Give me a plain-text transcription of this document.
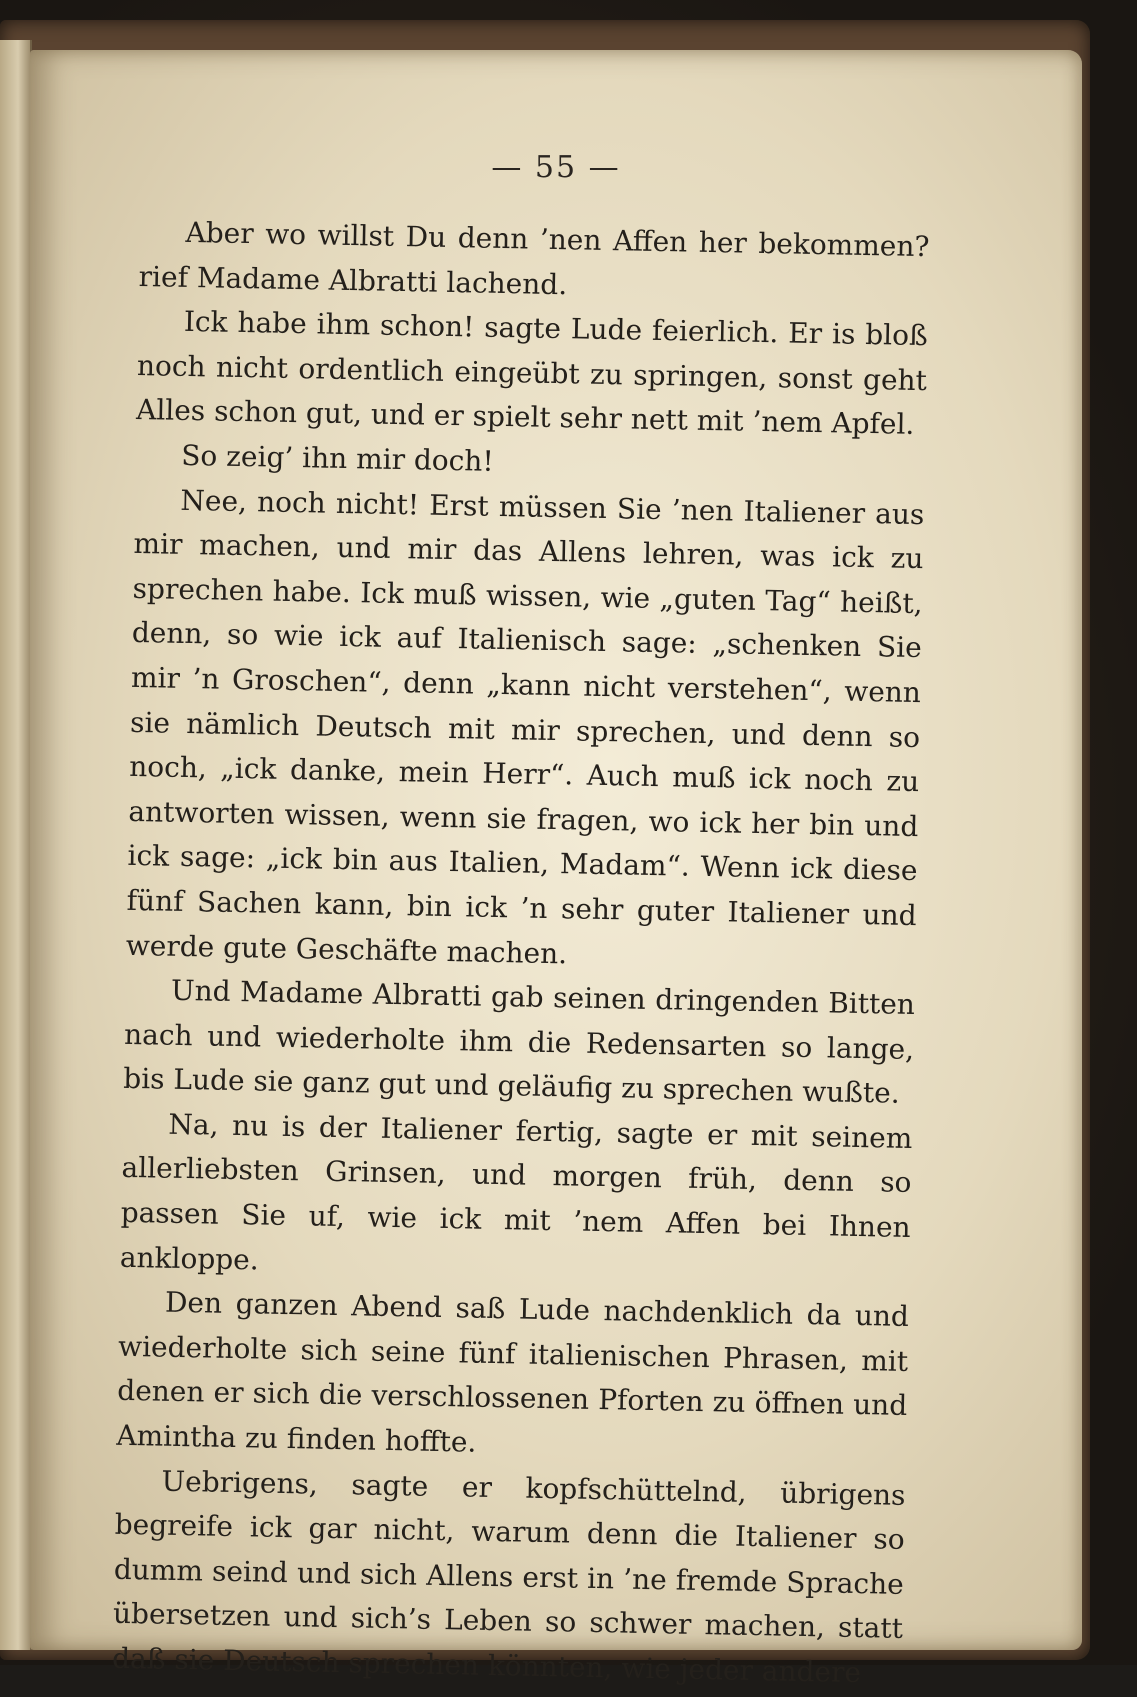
— 55 —

Aber wo willst Du denn ’nen Affen her bekommen? rief Madame Albratti lachend.

Ick habe ihm schon! sagte Lude feierlich. Er is bloß noch nicht ordentlich eingeübt zu springen, sonst geht Alles schon gut, und er spielt sehr nett mit ’nem Apfel.

So zeig’ ihn mir doch!

Nee, noch nicht! Erst müssen Sie ’nen Italiener aus mir machen, und mir das Allens lehren, was ick zu sprechen habe. Ick muß wissen, wie „guten Tag“ heißt, denn, so wie ick auf Italienisch sage: „schenken Sie mir ’n Groschen“, denn „kann nicht verstehen“, wenn sie nämlich Deutsch mit mir sprechen, und denn so noch, „ick danke, mein Herr“. Auch muß ick noch zu antworten wissen, wenn sie fragen, wo ick her bin und ick sage: „ick bin aus Italien, Madam“. Wenn ick diese fünf Sachen kann, bin ick ’n sehr guter Italiener und werde gute Geschäfte machen.

Und Madame Albratti gab seinen dringenden Bitten nach und wiederholte ihm die Redensarten so lange, bis Lude sie ganz gut und geläufig zu sprechen wußte.

Na, nu is der Italiener fertig, sagte er mit seinem allerliebsten Grinsen, und morgen früh, denn so passen Sie uf, wie ick mit ’nem Affen bei Ihnen ankloppe.

Den ganzen Abend saß Lude nachdenklich da und wiederholte sich seine fünf italienischen Phrasen, mit denen er sich die verschlossenen Pforten zu öffnen und Amintha zu finden hoffte.

Uebrigens, sagte er kopfschüttelnd, übrigens begreife ick gar nicht, warum denn die Italiener so dumm seind und sich Allens erst in ’ne fremde Sprache übersetzen und sich’s Leben so schwer machen, statt daß sie Deutsch sprechen könnten, wie jeder andere
